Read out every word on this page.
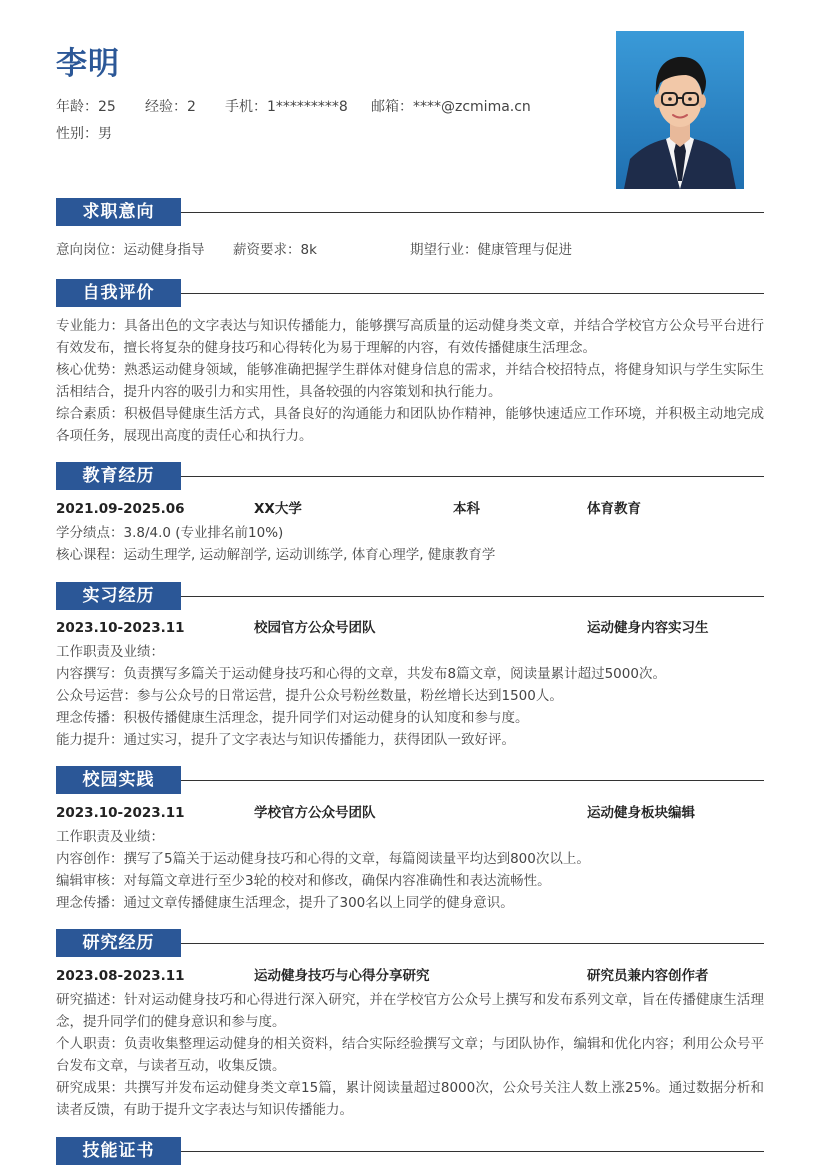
李明
年龄：25 经验：2 手机：1*********8 邮箱：****@zcmima.cn
性别：男
求职意向
意向岗位：运动健身指导 薪资要求：8k	期望行业：健康管理与促进
自我评价
专业能力：具备出色的文字表达与知识传播能力，能够撰写高质量的运动健身类文章，并结合学校官方公众号平台进行有效发布，擅长将复杂的健身技巧和心得转化为易于理解的内容，有效传播健康生活理念。
核心优势：熟悉运动健身领域，能够准确把握学生群体对健身信息的需求，并结合校招特点，将健身知识与学生实际生活相结合，提升内容的吸引力和实用性，具备较强的内容策划和执行能力。
综合素质：积极倡导健康生活方式，具备良好的沟通能力和团队协作精神，能够快速适应工作环境，并积极主动地完成各项任务，展现出高度的责任心和执行力。
教育经历
2021.09-2025.06	XX大学	本科	体育教育
学分绩点：3.8/4.0 (专业排名前10%)
核心课程：运动生理学, 运动解剖学, 运动训练学, 体育心理学, 健康教育学
实习经历
2023.10-2023.11	校园官方公众号团队	运动健身内容实习生
工作职责及业绩：
内容撰写：负责撰写多篇关于运动健身技巧和心得的文章，共发布8篇文章，阅读量累计超过5000次。
公众号运营：参与公众号的日常运营，提升公众号粉丝数量，粉丝增长达到1500人。
理念传播：积极传播健康生活理念，提升同学们对运动健身的认知度和参与度。
能力提升：通过实习，提升了文字表达与知识传播能力，获得团队一致好评。
校园实践
2023.10-2023.11	学校官方公众号团队	运动健身板块编辑
工作职责及业绩：
内容创作：撰写了5篇关于运动健身技巧和心得的文章，每篇阅读量平均达到800次以上。
编辑审核：对每篇文章进行至少3轮的校对和修改，确保内容准确性和表达流畅性。
理念传播：通过文章传播健康生活理念，提升了300名以上同学的健身意识。
研究经历
2023.08-2023.11	运动健身技巧与心得分享研究	研究员兼内容创作者
研究描述：针对运动健身技巧和心得进行深入研究，并在学校官方公众号上撰写和发布系列文章，旨在传播健康生活理念，提升同学们的健身意识和参与度。
个人职责：负责收集整理运动健身的相关资料，结合实际经验撰写文章；与团队协作，编辑和优化内容；利用公众号平台发布文章，与读者互动，收集反馈。
研究成果：共撰写并发布运动健身类文章15篇，累计阅读量超过8000次，公众号关注人数上涨25%。通过数据分析和读者反馈，有助于提升文字表达与知识传播能力。
技能证书
